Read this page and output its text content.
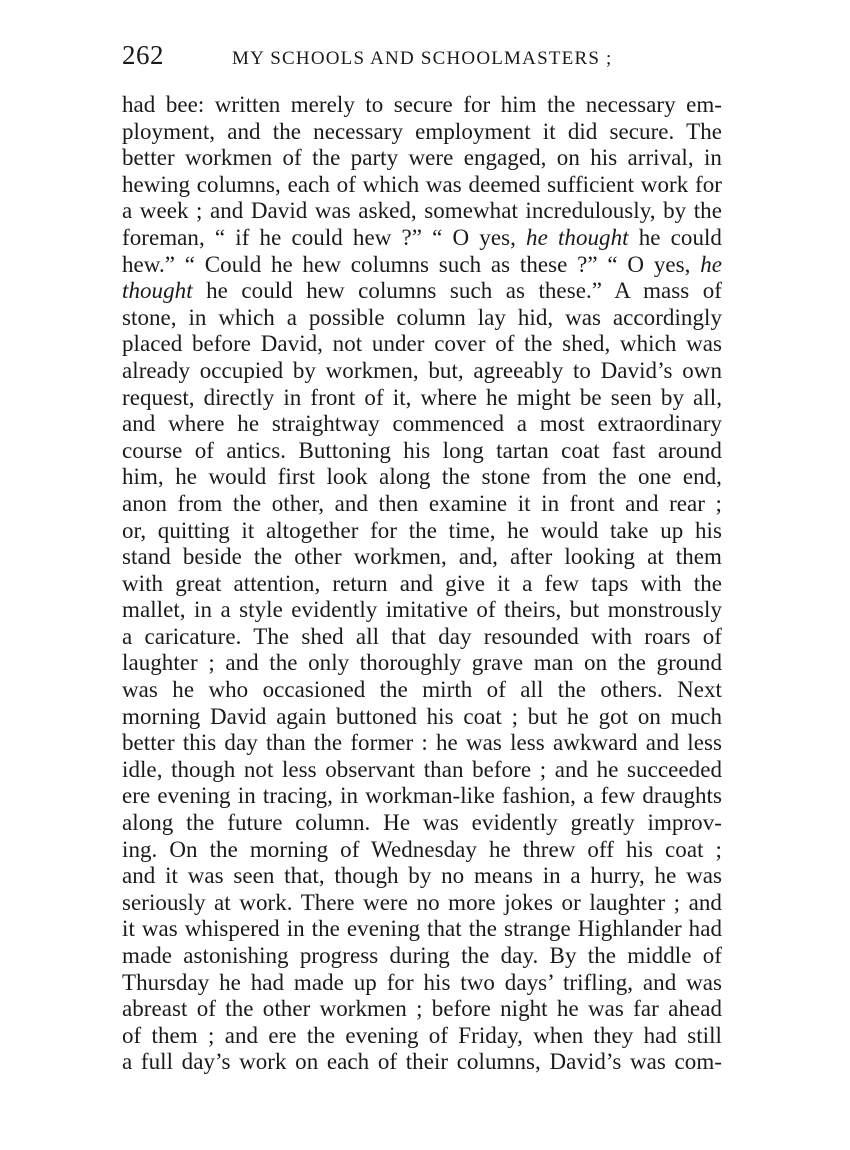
262	MY SCHOOLS AND SCHOOLMASTERS ;
had bee: written merely to secure for him the necessary em-
ployment, and the necessary employment it did secure. The
better workmen of the party were engaged, on his arrival, in
hewing columns, each of which was deemed sufficient work for
a week ; and David was asked, somewhat incredulously, by the
foreman, “ if he could hew ?” “ O yes, he thought he could
hew.” “ Could he hew columns such as these ?” “ O yes, he
thought he could hew columns such as these.” A mass of
stone, in which a possible column lay hid, was accordingly
placed before David, not under cover of the shed, which was
already occupied by workmen, but, agreeably to David’s own
request, directly in front of it, where he might be seen by all,
and where he straightway commenced a most extraordinary
course of antics. Buttoning his long tartan coat fast around
him, he would first look along the stone from the one end,
anon from the other, and then examine it in front and rear ;
or, quitting it altogether for the time, he would take up his
stand beside the other workmen, and, after looking at them
with great attention, return and give it a few taps with the
mallet, in a style evidently imitative of theirs, but monstrously
a caricature. The shed all that day resounded with roars of
laughter ; and the only thoroughly grave man on the ground
was he who occasioned the mirth of all the others. Next
morning David again buttoned his coat ; but he got on much
better this day than the former : he was less awkward and less
idle, though not less observant than before ; and he succeeded
ere evening in tracing, in workman-like fashion, a few draughts
along the future column. He was evidently greatly improv-
ing. On the morning of Wednesday he threw off his coat ;
and it was seen that, though by no means in a hurry, he was
seriously at work. There were no more jokes or laughter ; and
it was whispered in the evening that the strange Highlander had
made astonishing progress during the day. By the middle of
Thursday he had made up for his two days’ trifling, and was
abreast of the other workmen ; before night he was far ahead
of them ; and ere the evening of Friday, when they had still
a full day’s work on each of their columns, David’s was com-
